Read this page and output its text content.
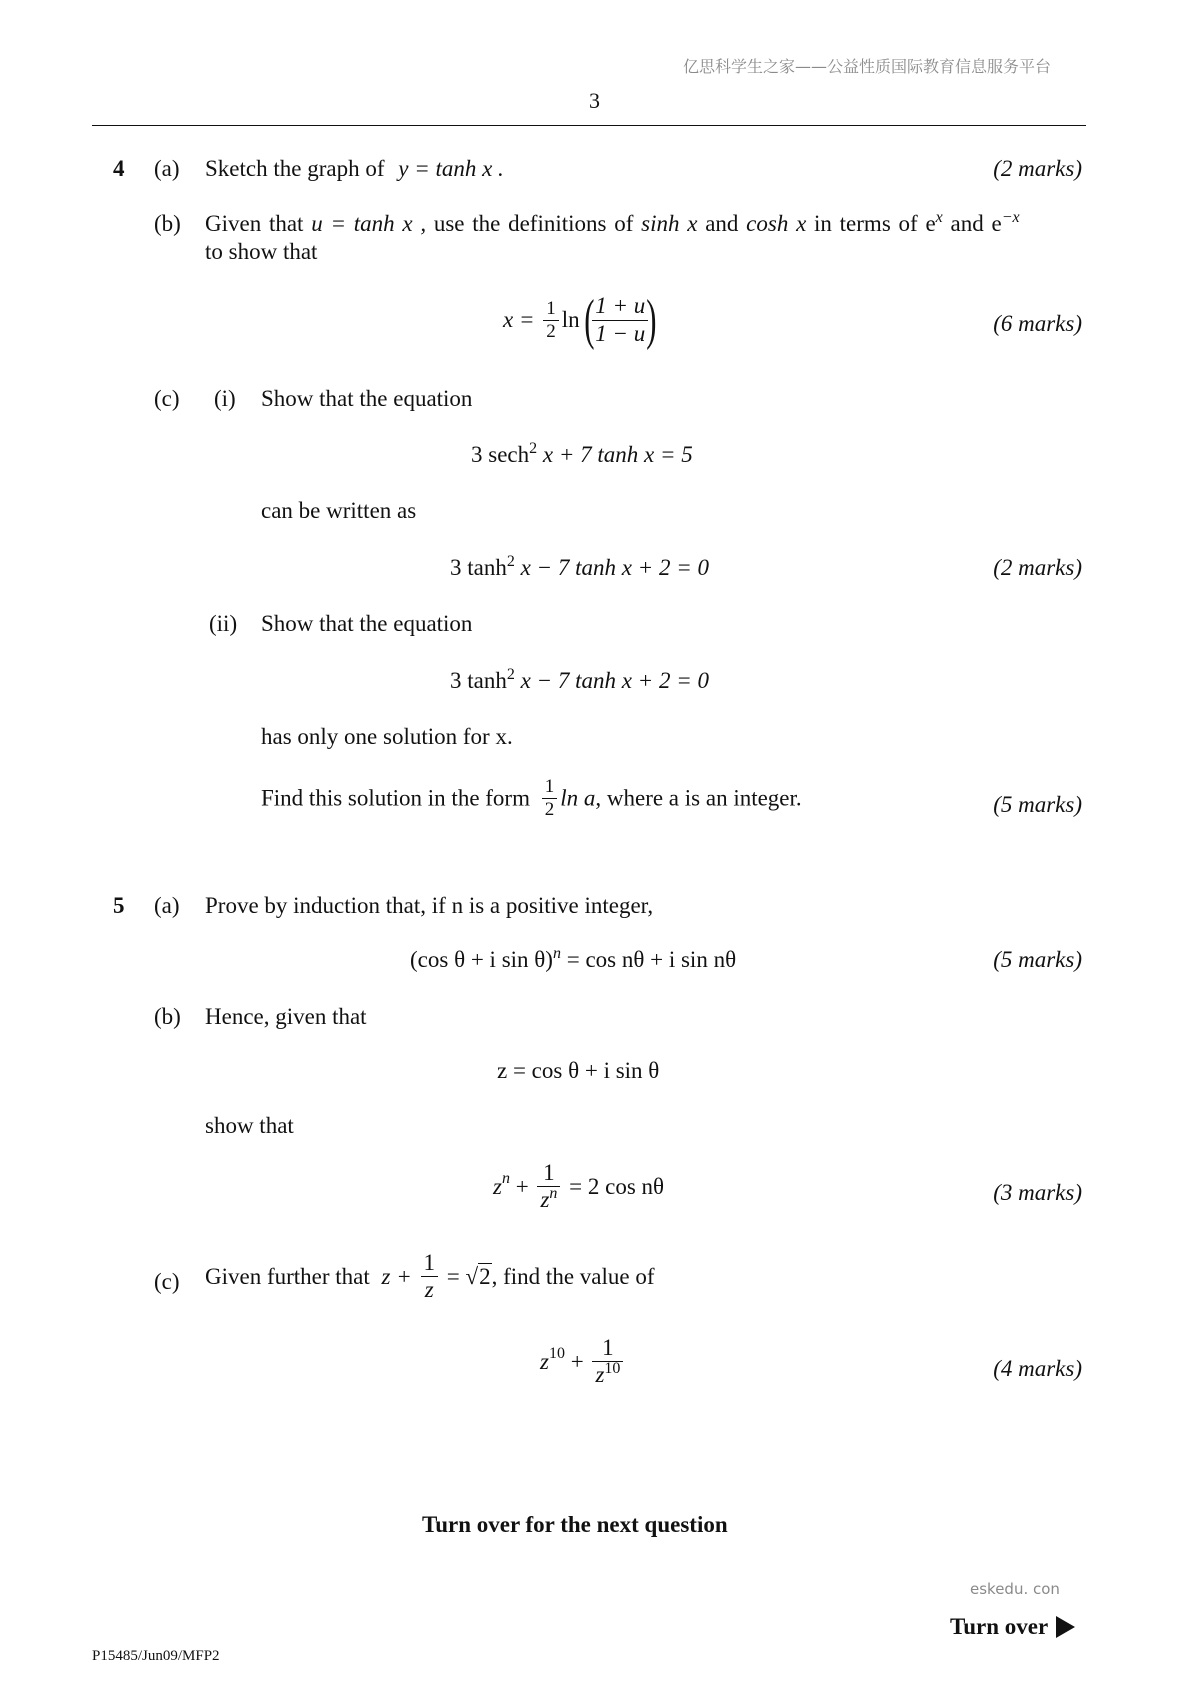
亿思科学生之家——公益性质国际教育信息服务平台
3
4 (a) Sketch the graph of y = tanh x .	(2 marks)
(b) Given that u = tanh x , use the definitions of sinh x and cosh x in terms of $e^x$ and $e^{-x}$
to show that
$x = \frac{1}{2} \ln$(
$\frac{1 + u}{1 - u}$
)	(6 marks)
(c) (i) Show that the equation
3 sech$^2$ x + 7 tanh x = 5
can be written as
3 $\tanh^2 x - 7$ tanh x + 2 = 0	(2 marks)
(ii) Show that the equation
3 $\tanh^2 x - 7$ tanh x + 2 = 0
has only one solution for x.
Find this solution in the form $\frac{1}{2}$ ln a, where a is an integer.	(5 marks)
5 (a) Prove by induction that, if n is a positive integer,
(cos θ + i sin θ)$^n$ = cos nθ + i sin nθ	(5 marks)
(b) Hence, given that
z = cos θ + i sin θ
show that
$z^n + \frac{1}{z^n} = 2$ cos nθ	(3 marks)
(c) Given further that $z + \frac{1}{z} = √2$, find the value of
$z^{10} + \frac{1}{z^{10}}$	(4 marks)
Turn over for the next question
eskedu. con
Turn over
P15485/Jun09/MFP2
